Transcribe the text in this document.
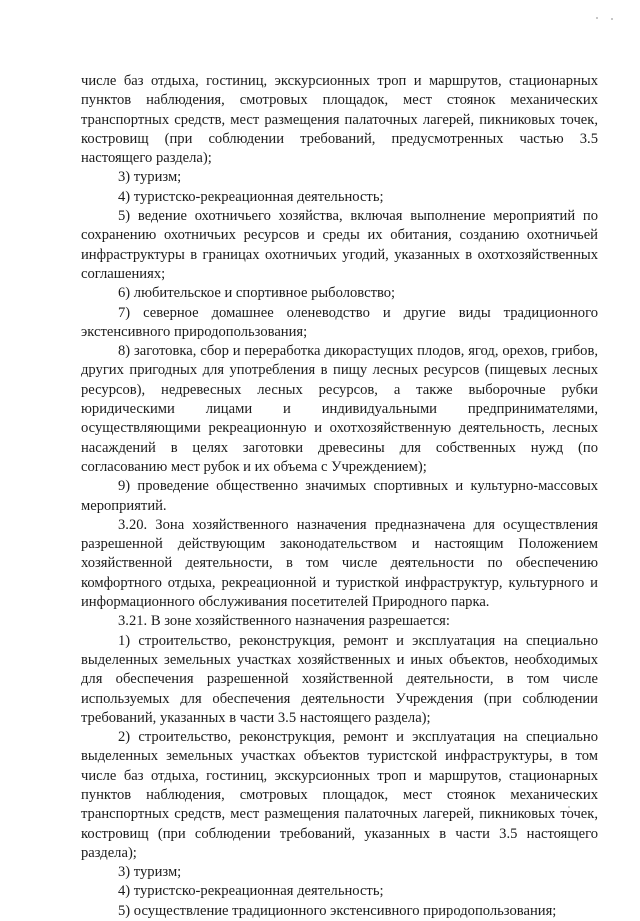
числе баз отдыха, гостиниц, экскурсионных троп и маршрутов, стационарных пунктов наблюдения, смотровых площадок, мест стоянок механических транспортных средств, мест размещения палаточных лагерей, пикниковых точек, костровищ (при соблюдении требований, предусмотренных частью 3.5 настоящего раздела);

3) туризм;

4) туристско-рекреационная деятельность;

5) ведение охотничьего хозяйства, включая выполнение мероприятий по сохранению охотничьих ресурсов и среды их обитания, созданию охотничьей инфраструктуры в границах охотничьих угодий, указанных в охотхозяйственных соглашениях;

6) любительское и спортивное рыболовство;

7) северное домашнее оленеводство и другие виды традиционного экстенсивного природопользования;

8) заготовка, сбор и переработка дикорастущих плодов, ягод, орехов, грибов, других пригодных для употребления в пищу лесных ресурсов (пищевых лесных ресурсов), недревесных лесных ресурсов, а также выборочные рубки юридическими лицами и индивидуальными предпринимателями, осуществляющими рекреационную и охотхозяйственную деятельность, лесных насаждений в целях заготовки древесины для собственных нужд (по согласованию мест рубок и их объема с Учреждением);

9) проведение общественно значимых спортивных и культурно-массовых мероприятий.

3.20. Зона хозяйственного назначения предназначена для осуществления разрешенной действующим законодательством и настоящим Положением хозяйственной деятельности, в том числе деятельности по обеспечению комфортного отдыха, рекреационной и туристкой инфраструктур, культурного и информационного обслуживания посетителей Природного парка.

3.21. В зоне хозяйственного назначения разрешается:

1) строительство, реконструкция, ремонт и эксплуатация на специально выделенных земельных участках хозяйственных и иных объектов, необходимых для обеспечения разрешенной хозяйственной деятельности, в том числе используемых для обеспечения деятельности Учреждения (при соблюдении требований, указанных в части 3.5 настоящего раздела);

2) строительство, реконструкция, ремонт и эксплуатация на специально выделенных земельных участках объектов туристской инфраструктуры, в том числе баз отдыха, гостиниц, экскурсионных троп и маршрутов, стационарных пунктов наблюдения, смотровых площадок, мест стоянок механических транспортных средств, мест размещения палаточных лагерей, пикниковых точек, костровищ (при соблюдении требований, указанных в части 3.5 настоящего раздела);

3) туризм;

4) туристско-рекреационная деятельность;

5) осуществление традиционного экстенсивного природопользования;
